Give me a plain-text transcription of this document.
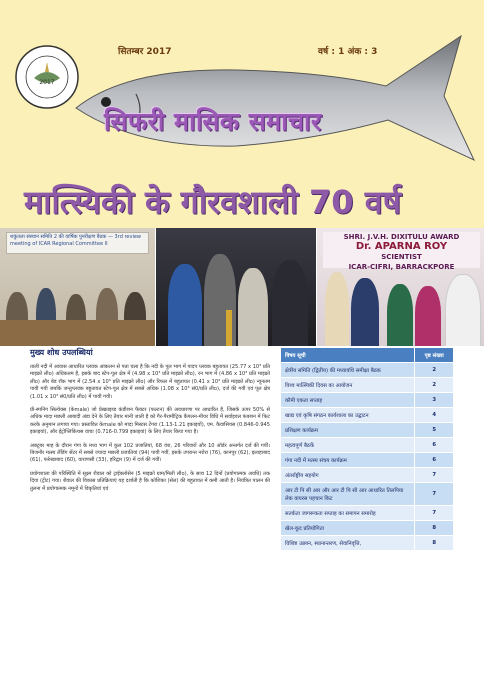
2017
सितम्बर 2017	वर्ष : 1 अंक : 3
सिफरी मासिक समाचार
मात्स्यिकी के गौरवशाली 70 वर्ष
शकुंतला संस्थान समिति 2 की वार्षिक पुनरीक्षण बैठक — 3rd review meeting of ICAR Regional Committee II
SHRI. J.V.H. DIXITULU AWARD
Dr. APARNA ROY
SCIENTIST
ICAR-CIFRI, BARRACKPORE
मुख्य शोध उपलब्धियां

ताली नदी में आवास आधारित प्लवक आंकलन से पता चला है कि नदी के पूल भाग में पादप प्लवक बहुतायत (25.77 x 10³ प्रति माइक्रो लीo) अधिकतम है, इसके बाद स्टेप-पूल क्षेत्र में (4.98 x 10³ प्रति माइक्रो लीo), रन भाग में (4.86 x 10³ प्रति माइक्रो लीo) और बेड रॉक भाग में (2.54 x 10³ प्रति माइक्रो लीo) और रिफल में बहुतायत (0.41 x 10³ प्रति माइक्रो लीo) न्यूनतम पायी गयी जबकि जन्तुप्लवक बहुतायत स्टेप-पूल क्षेत्र में सबसे अधिक (1.08 x 10³ सं0/प्रति लीo), दर्ज की गयी एवं पूल क्षेत्र (1.01 x 10³ सं0/प्रति लीo) में पायी गयी।

प्री-स्पनिंग सिल्वेक्स (केmale) जो प्रेस्क्राइब्ड कंडीशन फैक्टर (फल्टन) की अवधारणा पर आधारित है, जिसके ऊपर 50% से अधिक मादा मछली आबादी अंडा देने के लिए तैयार मानी जाती है को गैर-पैरामीट्रिक कैपलन-मीयर विधि में सर्वाइवल फंक्शन में फिट करके अनुमान लगाया गया। प्रस्तावित केmale को मादा मिस्टस टेंगरा (1.13-1.21 इकाइयों), एम. कैवासियस (0.846-0.945 इकाइयां), और ईट्रोप्लिकिथस वाचा (0.716-0.799 इकाइयां) के लिए तैयार किया गया है।

अक्टूबर माह के दौरान गंगा के मध्य भाग में कुल 102 प्रजातियां, 68 वंश, 26 परिवारों और 10 ऑर्डर अन्तर्गत दर्ज की गयीं। बिजनौर मत्स्य लैंडिंग सेंटर में सबसे ज्यादा मछली प्रजातियां (94) पायी गयीं, इसके उपरान्त नरोरा (76), कानपुर (62), इलाहाबाद (61), फर्रुखाबाद (60), वाराणसी (33), हरिद्वार (9) में दर्ज की गयीं।

प्रयोगशाला की परिस्थिति में सूक्ष्म शैवाल को ट्राईक्लोसेन (5 माइक्रो ग्राम/मिली लीo), के साथ 12 दिनों (प्रयोगात्मक अवधि) तक दिया (ट्रीट) गया। शैवाल की विकास प्रतिक्रियाएं यह दर्शाती है कि कोशिका (सेल) की बहुतायत में कमी आती है। नियंत्रित पालन की तुलना में प्रयोगात्मक नमूनों में विकृतियां एवं

विषय सूची	पृष्ठ संख्या
क्षेत्रीय समिति (द्वितीय) की मध्यावधि समीक्षा बैठक	2
विश्व मात्स्यिकी दिवस का आयोजन	2
कौमी एकता सप्ताह	3
खाद्य एवं कृषि संगठन कार्यशाला का उद्घाटन	4
प्रशिक्षण कार्यक्रम	5
महत्वपूर्ण बैठकें	6
गंगा नदी में मत्स्य संचय कार्यक्रम	6
अंतर्राष्ट्रीय सहयोग	7
आर टी पि सी आर और आर टी पि सी आर आधारित तिलपिया लेक वायरस पहचान किट	7
सतर्कता जागरूकता सप्ताह का समापन समारोह	7
खेल-कूद प्रतियोगिता	8
विशिष्ट उन्नयन, स्थानान्तरण, सेवानिवृत्ति,	8
